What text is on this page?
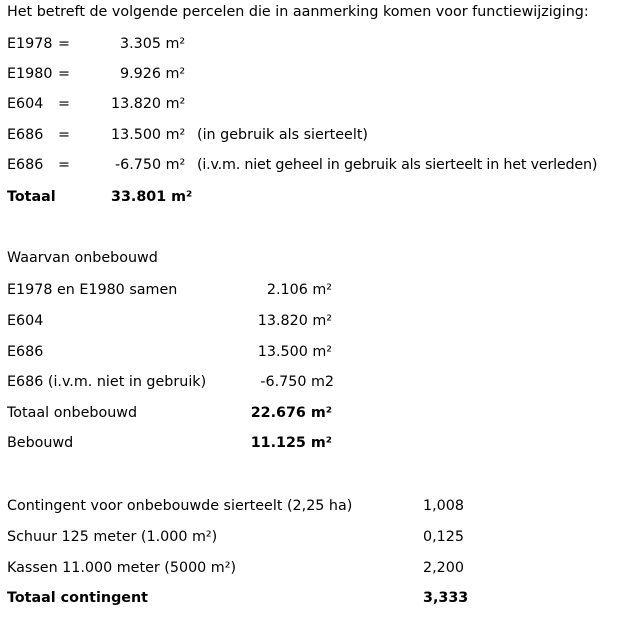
Het betreft de volgende percelen die in aanmerking komen voor functiewijziging:
E1978 =	3.305 m²
E1980 =	9.926 m²
E604 =	13.820 m²
E686 =	13.500 m² (in gebruik als sierteelt)
E686 =	-6.750 m² (i.v.m. niet geheel in gebruik als sierteelt in het verleden)
Totaal	33.801 m²
Waarvan onbebouwd
E1978 en E1980 samen	2.106 m²
E604	13.820 m²
E686	13.500 m²
E686 (i.v.m. niet in gebruik)	-6.750 m2
Totaal onbebouwd	22.676 m²
Bebouwd	11.125 m²
Contingent voor onbebouwde sierteelt (2,25 ha)	1,008
Schuur 125 meter (1.000 m²)	0,125
Kassen 11.000 meter (5000 m²)	2,200
Totaal contingent	3,333
